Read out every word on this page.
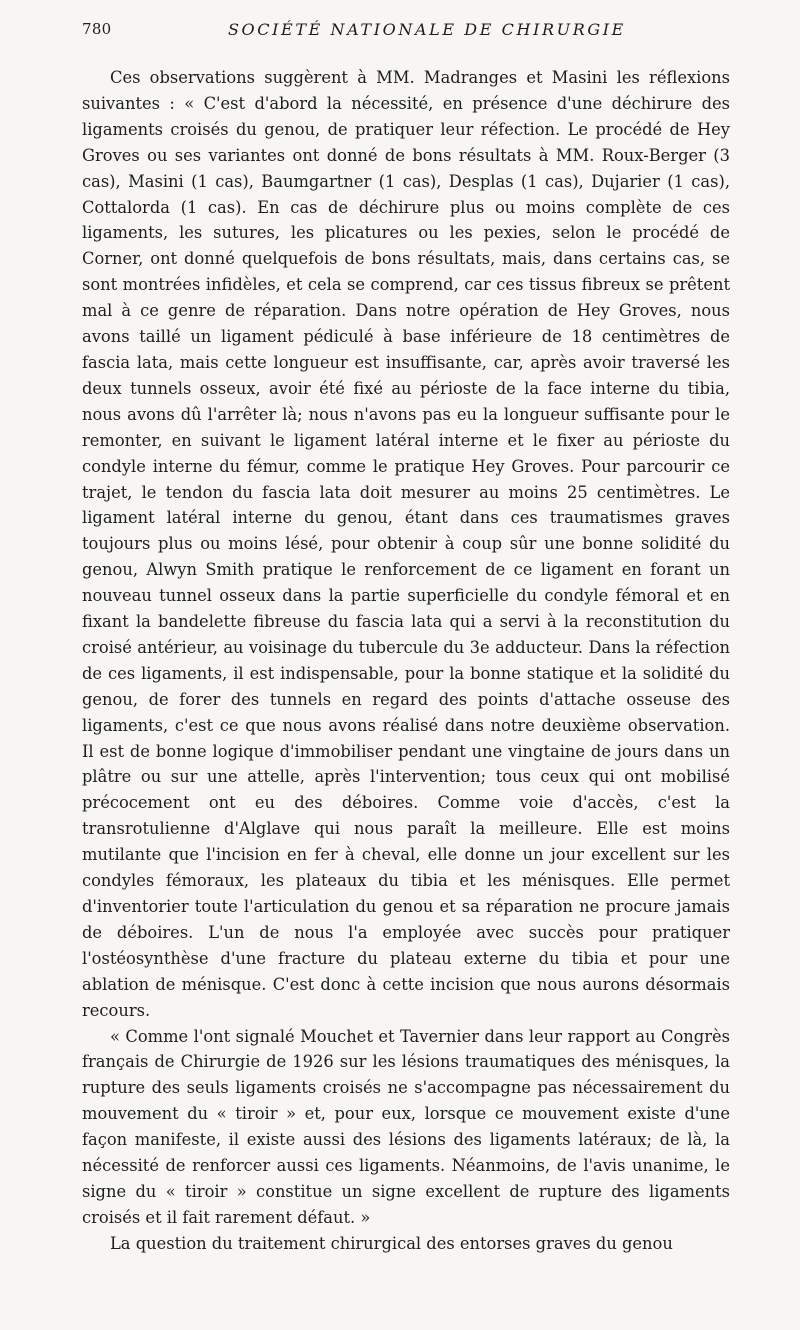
780	SOCIÉTÉ NATIONALE DE CHIRURGIE

Ces observations suggèrent à MM. Madranges et Masini les réflexions suivantes : « C'est d'abord la nécessité, en présence d'une déchirure des ligaments croisés du genou, de pratiquer leur réfection. Le procédé de Hey Groves ou ses variantes ont donné de bons résultats à MM. Roux-Berger (3 cas), Masini (1 cas), Baumgartner (1 cas), Desplas (1 cas), Dujarier (1 cas), Cottalorda (1 cas). En cas de déchirure plus ou moins complète de ces ligaments, les sutures, les plicatures ou les pexies, selon le procédé de Corner, ont donné quelquefois de bons résultats, mais, dans certains cas, se sont montrées infidèles, et cela se comprend, car ces tissus fibreux se prêtent mal à ce genre de réparation. Dans notre opération de Hey Groves, nous avons taillé un ligament pédiculé à base inférieure de 18 centimètres de fascia lata, mais cette longueur est insuffisante, car, après avoir traversé les deux tunnels osseux, avoir été fixé au périoste de la face interne du tibia, nous avons dû l'arrêter là; nous n'avons pas eu la longueur suffisante pour le remonter, en suivant le ligament latéral interne et le fixer au périoste du condyle interne du fémur, comme le pratique Hey Groves. Pour parcourir ce trajet, le tendon du fascia lata doit mesurer au moins 25 centimètres. Le ligament latéral interne du genou, étant dans ces traumatismes graves toujours plus ou moins lésé, pour obtenir à coup sûr une bonne solidité du genou, Alwyn Smith pratique le renforcement de ce ligament en forant un nouveau tunnel osseux dans la partie superficielle du condyle fémoral et en fixant la bandelette fibreuse du fascia lata qui a servi à la reconstitution du croisé antérieur, au voisinage du tubercule du 3e adducteur. Dans la réfection de ces ligaments, il est indispensable, pour la bonne statique et la solidité du genou, de forer des tunnels en regard des points d'attache osseuse des ligaments, c'est ce que nous avons réalisé dans notre deuxième observation. Il est de bonne logique d'immobiliser pendant une vingtaine de jours dans un plâtre ou sur une attelle, après l'intervention; tous ceux qui ont mobilisé précocement ont eu des déboires. Comme voie d'accès, c'est la transrotulienne d'Alglave qui nous paraît la meilleure. Elle est moins mutilante que l'incision en fer à cheval, elle donne un jour excellent sur les condyles fémoraux, les plateaux du tibia et les ménisques. Elle permet d'inventorier toute l'articulation du genou et sa réparation ne procure jamais de déboires. L'un de nous l'a employée avec succès pour pratiquer l'ostéosynthèse d'une fracture du plateau externe du tibia et pour une ablation de ménisque. C'est donc à cette incision que nous aurons désormais recours.

« Comme l'ont signalé Mouchet et Tavernier dans leur rapport au Congrès français de Chirurgie de 1926 sur les lésions traumatiques des ménisques, la rupture des seuls ligaments croisés ne s'accompagne pas nécessairement du mouvement du « tiroir » et, pour eux, lorsque ce mouvement existe d'une façon manifeste, il existe aussi des lésions des ligaments latéraux; de là, la nécessité de renforcer aussi ces ligaments. Néanmoins, de l'avis unanime, le signe du « tiroir » constitue un signe excellent de rupture des ligaments croisés et il fait rarement défaut. »

La question du traitement chirurgical des entorses graves du genou
